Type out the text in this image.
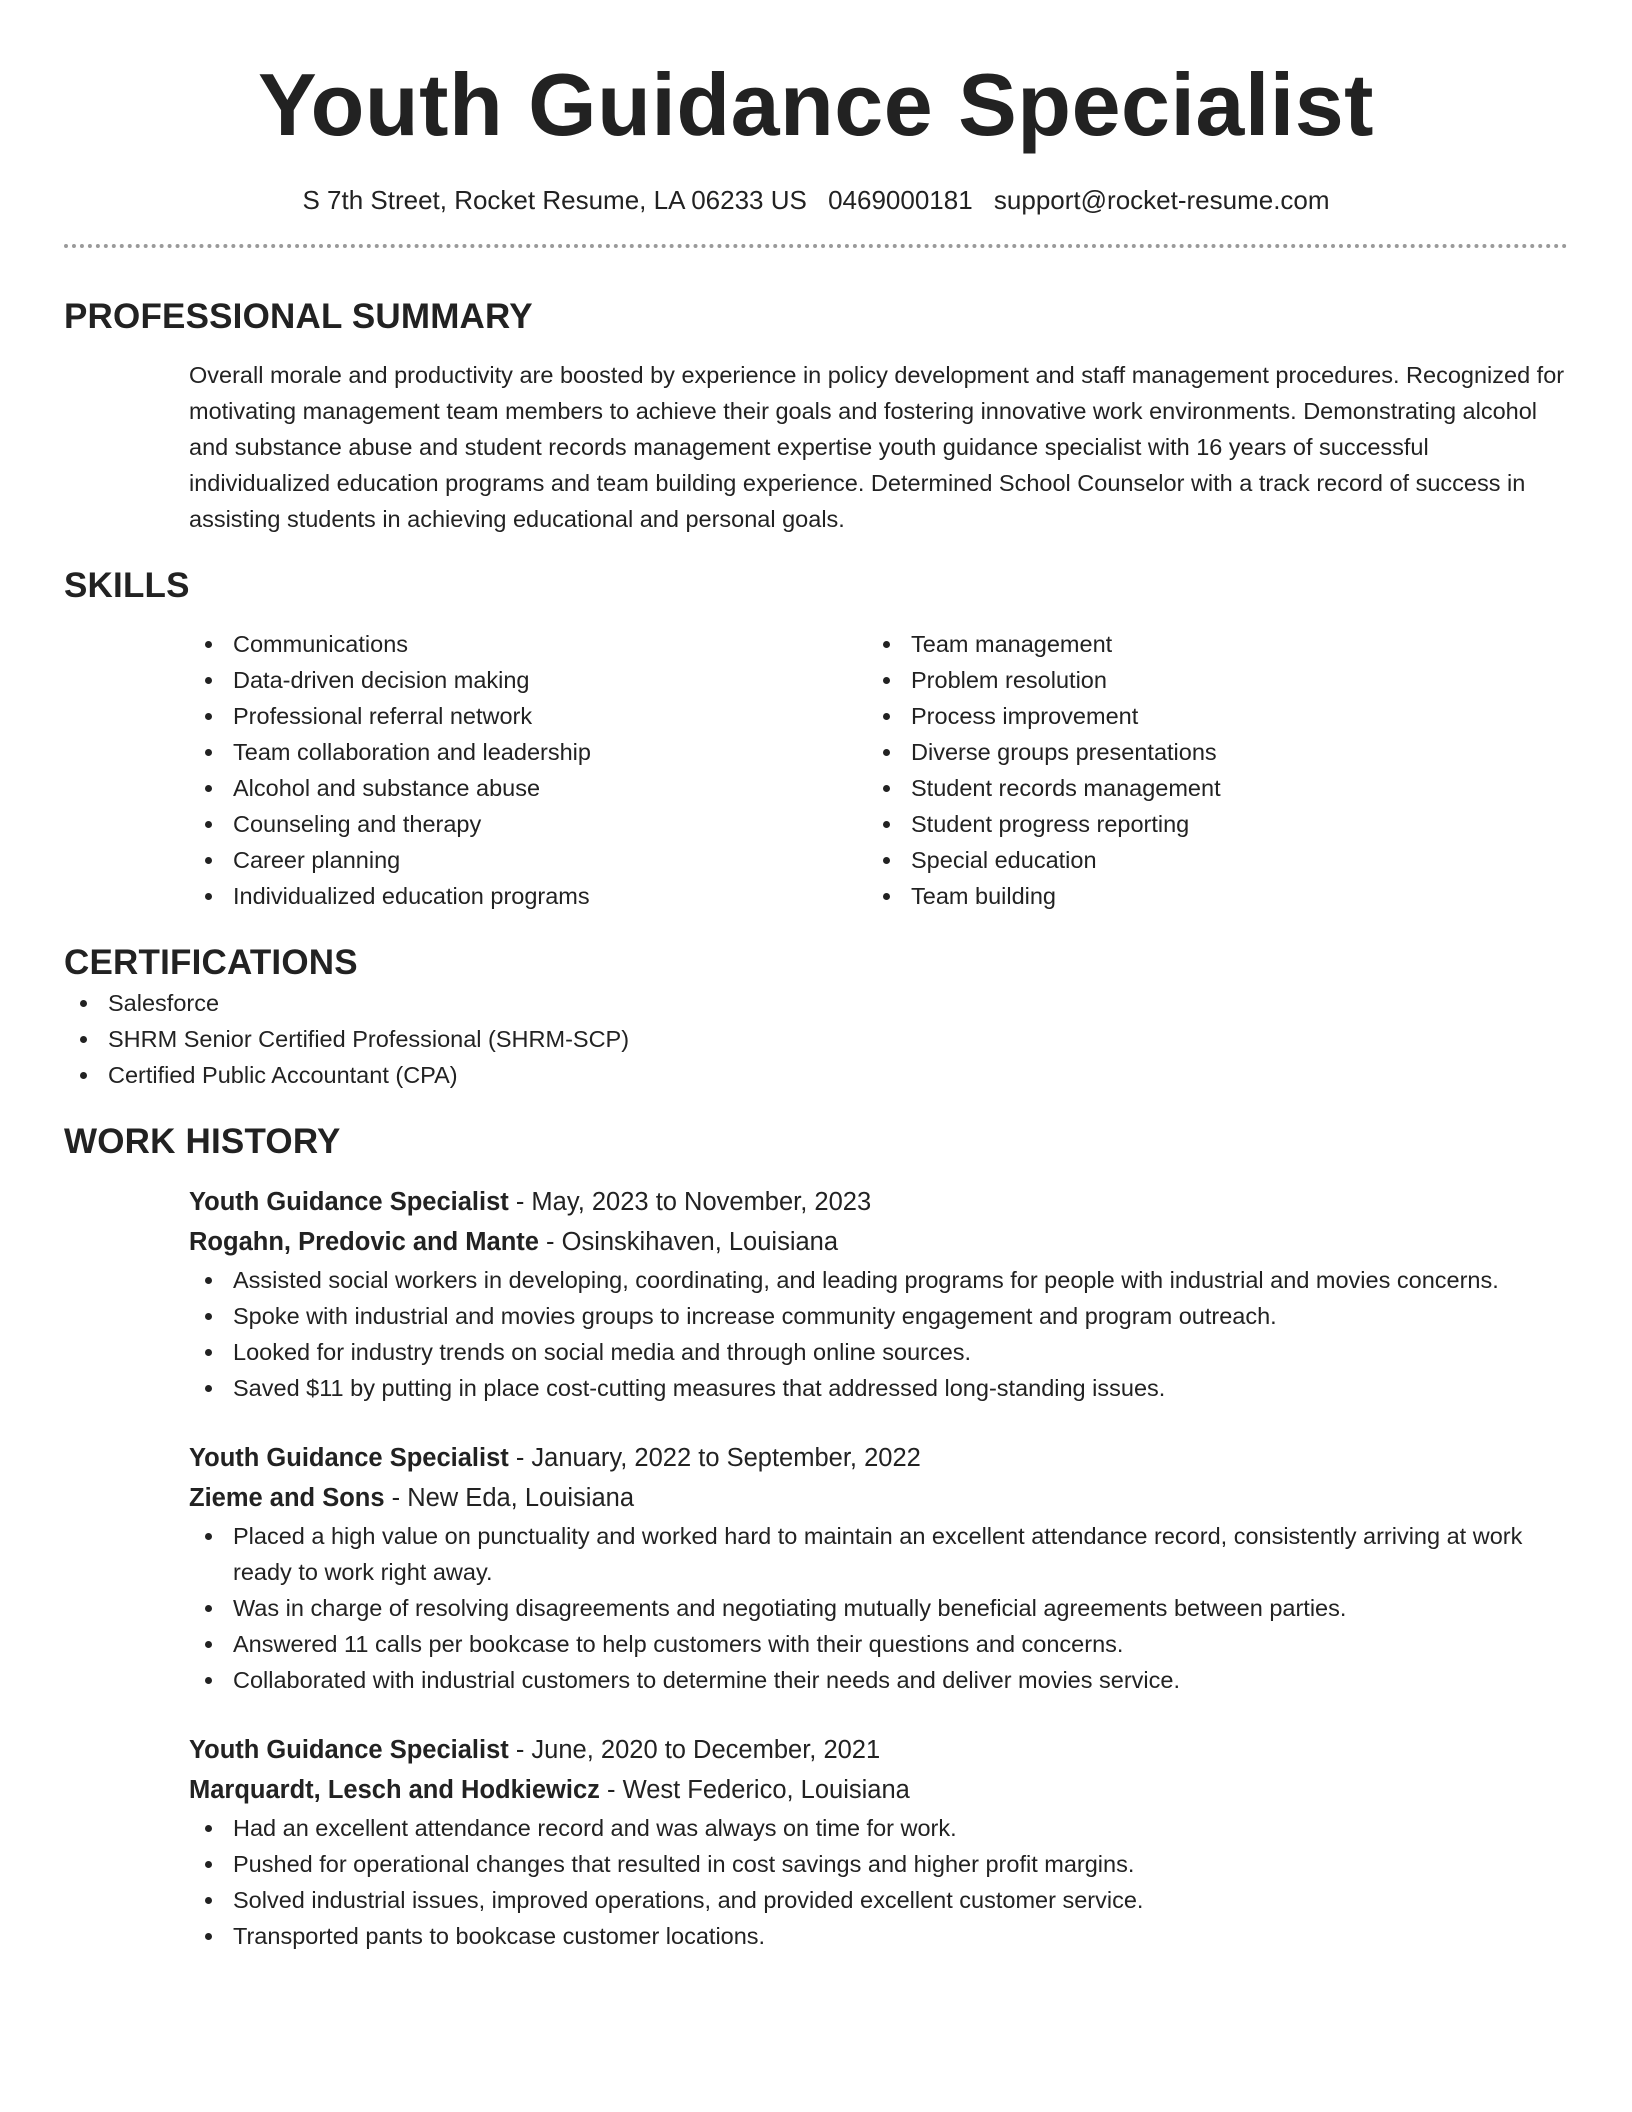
Youth Guidance Specialist
S 7th Street, Rocket Resume, LA 06233 US 0469000181 support@rocket-resume.com
PROFESSIONAL SUMMARY
Overall morale and productivity are boosted by experience in policy development and staff management procedures. Recognized for motivating management team members to achieve their goals and fostering innovative work environments. Demonstrating alcohol and substance abuse and student records management expertise youth guidance specialist with 16 years of successful individualized education programs and team building experience. Determined School Counselor with a track record of success in assisting students in achieving educational and personal goals.
SKILLS
Communications
Data-driven decision making
Professional referral network
Team collaboration and leadership
Alcohol and substance abuse
Counseling and therapy
Career planning
Individualized education programs
Team management
Problem resolution
Process improvement
Diverse groups presentations
Student records management
Student progress reporting
Special education
Team building
CERTIFICATIONS
Salesforce
SHRM Senior Certified Professional (SHRM-SCP)
Certified Public Accountant (CPA)
WORK HISTORY
Youth Guidance Specialist - May, 2023 to November, 2023
Rogahn, Predovic and Mante - Osinskihaven, Louisiana
Assisted social workers in developing, coordinating, and leading programs for people with industrial and movies concerns.
Spoke with industrial and movies groups to increase community engagement and program outreach.
Looked for industry trends on social media and through online sources.
Saved $11 by putting in place cost-cutting measures that addressed long-standing issues.
Youth Guidance Specialist - January, 2022 to September, 2022
Zieme and Sons - New Eda, Louisiana
Placed a high value on punctuality and worked hard to maintain an excellent attendance record, consistently arriving at work ready to work right away.
Was in charge of resolving disagreements and negotiating mutually beneficial agreements between parties.
Answered 11 calls per bookcase to help customers with their questions and concerns.
Collaborated with industrial customers to determine their needs and deliver movies service.
Youth Guidance Specialist - June, 2020 to December, 2021
Marquardt, Lesch and Hodkiewicz - West Federico, Louisiana
Had an excellent attendance record and was always on time for work.
Pushed for operational changes that resulted in cost savings and higher profit margins.
Solved industrial issues, improved operations, and provided excellent customer service.
Transported pants to bookcase customer locations.
